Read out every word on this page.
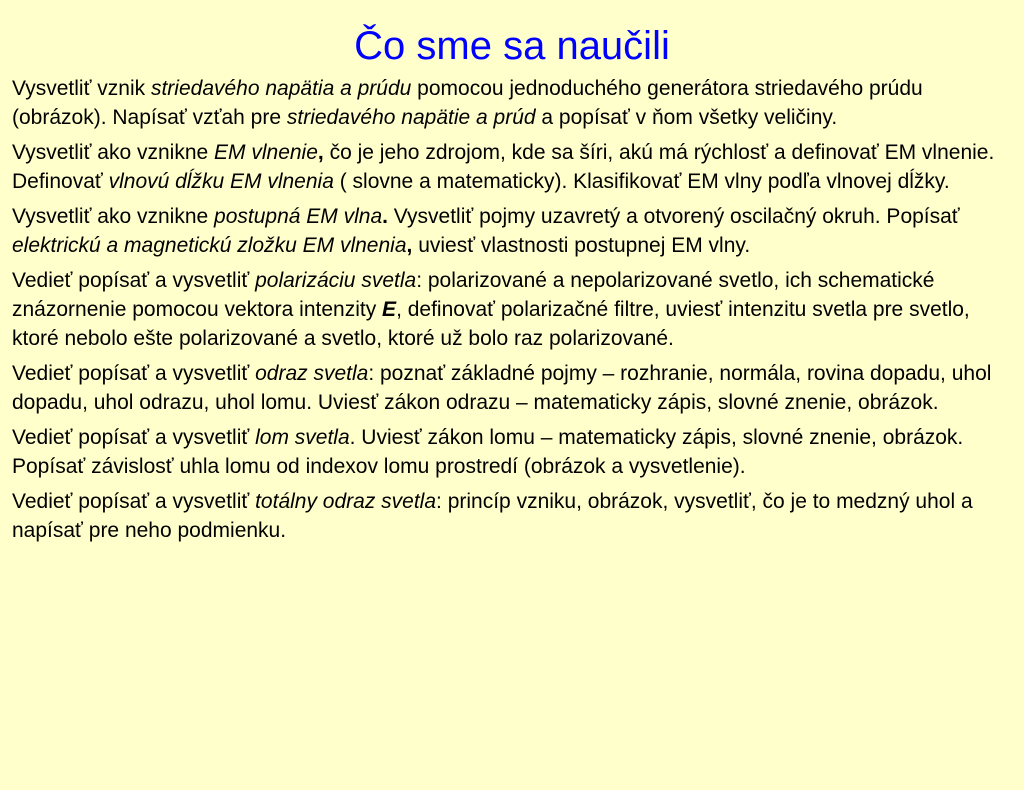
Čo sme sa naučili
Vysvetliť vznik striedavého napätia a prúdu pomocou jednoduchého generátora striedavého prúdu (obrázok). Napísať vzťah pre striedavého napätie a prúd a popísať v ňom všetky veličiny.
Vysvetliť ako vznikne EM vlnenie, čo je jeho zdrojom, kde sa šíri, akú má rýchlosť a definovať EM vlnenie. Definovať vlnovú dĺžku EM vlnenia ( slovne a matematicky). Klasifikovať EM vlny podľa vlnovej dĺžky.
Vysvetliť ako vznikne postupná EM vlna. Vysvetliť pojmy uzavretý a otvorený oscilačný okruh. Popísať elektrickú a magnetickú zložku EM vlnenia, uviesť vlastnosti postupnej EM vlny.
Vedieť popísať a vysvetliť polarizáciu svetla: polarizované a nepolarizované svetlo, ich schematické znázornenie pomocou vektora intenzity E, definovať polarizačné filtre, uviesť intenzitu svetla pre svetlo, ktoré nebolo ešte polarizované a svetlo, ktoré už bolo raz polarizované.
Vedieť popísať a vysvetliť odraz svetla: poznať základné pojmy – rozhranie, normála, rovina dopadu, uhol dopadu, uhol odrazu, uhol lomu. Uviesť zákon odrazu – matematicky zápis, slovné znenie, obrázok.
Vedieť popísať a vysvetliť lom svetla. Uviesť zákon lomu – matematicky zápis, slovné znenie, obrázok. Popísať závislosť uhla lomu od indexov lomu prostredí (obrázok a vysvetlenie).
Vedieť popísať a vysvetliť totálny odraz svetla: princíp vzniku, obrázok, vysvetliť, čo je to medzný uhol a napísať pre neho podmienku.
